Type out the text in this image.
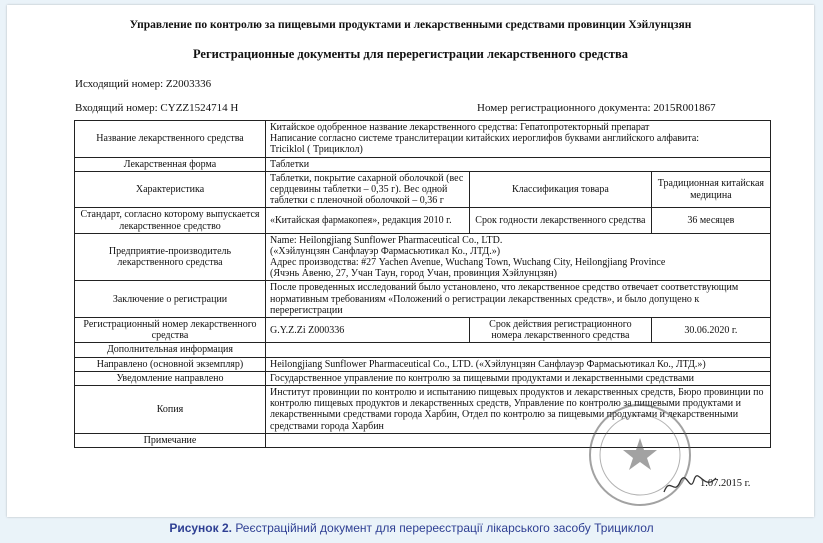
Управление по контролю за пищевыми продуктами и лекарственными средствами провинции Хэйлунцзян
Регистрационные документы для перерегистрации лекарственного средства
Исходящий номер: Z2003336
Входящий номер: CYZZ1524714 H	Номер регистрационного документа: 2015R001867
Название лекарственного средства	Китайское одобренное название лекарственного средства: Гепатопротекторный препарат
Написание согласно системе транслитерации китайских иероглифов буквами английского алфавита:
Triciklol ( Трициклол)		

Лекарственная форма	Таблетки		
Характеристика	Таблетки, покрытие сахарной оболочкой (вес сердцевины таблетки – 0,35 г). Вес одной таблетки с пленочной оболочкой – 0,36 г	Классификация товара	Традиционная китайская медицина
Стандарт, согласно которому выпускается лекарственное средство	«Китайская фармакопея», редакция 2010 г.	Срок годности лекарственного средства	36 месяцев
Предприятие-производитель лекарственного средства	Name: Heilongjiang Sunflower Pharmaceutical Co., LTD.
(«Хэйлунцзян Санфлауэр Фармасьютикал Ко., ЛТД.»)
Адрес производства: #27 Yachen Avenue, Wuchang Town, Wuchang City, Heilongjiang Province
(Ячэнь Авеню, 27, Учан Таун, город Учан, провинция Хэйлунцзян)		

Заключение о регистрации	После проведенных исследований было установлено, что лекарственное средство отвечает соответствующим нормативным требованиям «Положений о регистрации лекарственных средств», и было допущено к перерегистрации		
Регистрационный номер лекарственного средства	G.Y.Z.Zi Z000336	Срок действия регистрационного номера лекарственного средства	30.06.2020 г.
Дополнительная информация			
Направлено (основной экземпляр)	Heilongjiang Sunflower Pharmaceutical Co., LTD. («Хэйлунцзян Санфлауэр Фармасьютикал Ко., ЛТД.»)		
Уведомление направлено	Государственное управление по контролю за пищевыми продуктами и лекарственными средствами		
Копия	Институт провинции по контролю и испытанию пищевых продуктов и лекарственных средств, Бюро провинции по контролю пищевых продуктов и лекарственных средств, Управление по контролю за пищевыми продуктами и лекарственными средствами города Харбин, Отдел по контролю за пищевыми продуктами и лекарственными средствами города Харбин		
Примечание			
1.07.2015 г.
Рисунок 2. Реєстраційний документ для перереєстрації лікарського засобу Трициклол
